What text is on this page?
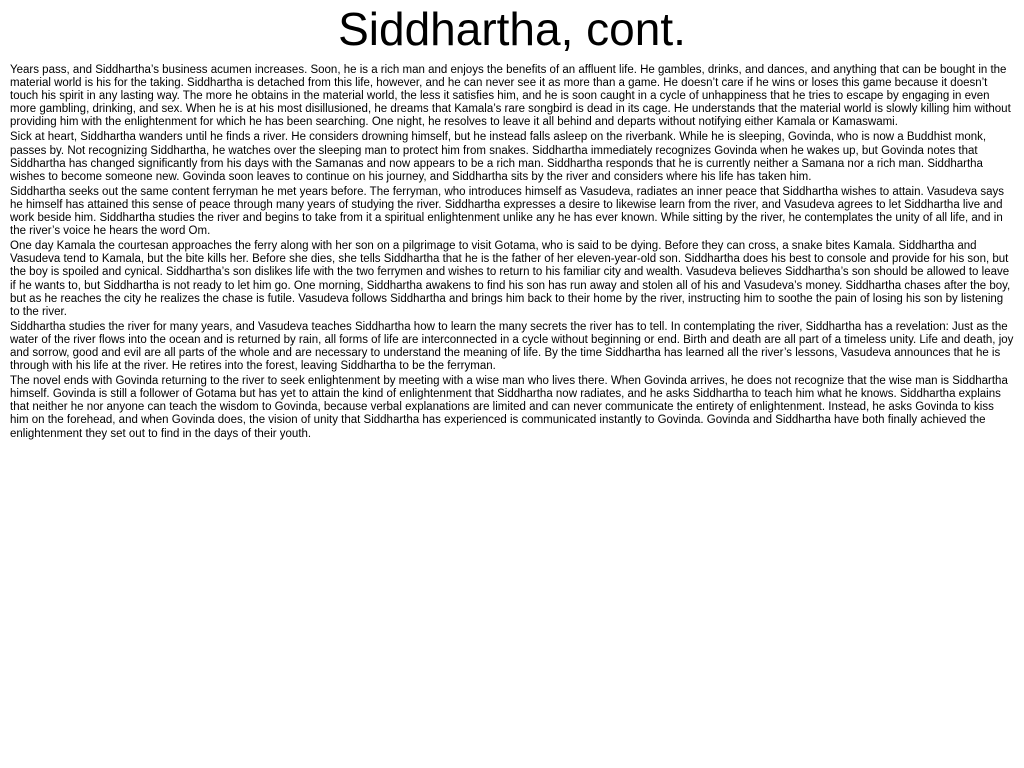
Siddhartha, cont.

Years pass, and Siddhartha’s business acumen increases. Soon, he is a rich man and enjoys the benefits of an affluent life. He gambles, drinks, and dances, and anything that can be bought in the material world is his for the taking. Siddhartha is detached from this life, however, and he can never see it as more than a game. He doesn’t care if he wins or loses this game because it doesn’t touch his spirit in any lasting way. The more he obtains in the material world, the less it satisfies him, and he is soon caught in a cycle of unhappiness that he tries to escape by engaging in even more gambling, drinking, and sex. When he is at his most disillusioned, he dreams that Kamala’s rare songbird is dead in its cage. He understands that the material world is slowly killing him without providing him with the enlightenment for which he has been searching. One night, he resolves to leave it all behind and departs without notifying either Kamala or Kamaswami.

Sick at heart, Siddhartha wanders until he finds a river. He considers drowning himself, but he instead falls asleep on the riverbank. While he is sleeping, Govinda, who is now a Buddhist monk, passes by. Not recognizing Siddhartha, he watches over the sleeping man to protect him from snakes. Siddhartha immediately recognizes Govinda when he wakes up, but Govinda notes that Siddhartha has changed significantly from his days with the Samanas and now appears to be a rich man. Siddhartha responds that he is currently neither a Samana nor a rich man. Siddhartha wishes to become someone new. Govinda soon leaves to continue on his journey, and Siddhartha sits by the river and considers where his life has taken him.

Siddhartha seeks out the same content ferryman he met years before. The ferryman, who introduces himself as Vasudeva, radiates an inner peace that Siddhartha wishes to attain. Vasudeva says he himself has attained this sense of peace through many years of studying the river. Siddhartha expresses a desire to likewise learn from the river, and Vasudeva agrees to let Siddhartha live and work beside him. Siddhartha studies the river and begins to take from it a spiritual enlightenment unlike any he has ever known. While sitting by the river, he contemplates the unity of all life, and in the river’s voice he hears the word Om.

One day Kamala the courtesan approaches the ferry along with her son on a pilgrimage to visit Gotama, who is said to be dying. Before they can cross, a snake bites Kamala. Siddhartha and Vasudeva tend to Kamala, but the bite kills her. Before she dies, she tells Siddhartha that he is the father of her eleven-year-old son. Siddhartha does his best to console and provide for his son, but the boy is spoiled and cynical. Siddhartha’s son dislikes life with the two ferrymen and wishes to return to his familiar city and wealth. Vasudeva believes Siddhartha’s son should be allowed to leave if he wants to, but Siddhartha is not ready to let him go. One morning, Siddhartha awakens to find his son has run away and stolen all of his and Vasudeva’s money. Siddhartha chases after the boy, but as he reaches the city he realizes the chase is futile. Vasudeva follows Siddhartha and brings him back to their home by the river, instructing him to soothe the pain of losing his son by listening to the river.

Siddhartha studies the river for many years, and Vasudeva teaches Siddhartha how to learn the many secrets the river has to tell. In contemplating the river, Siddhartha has a revelation: Just as the water of the river flows into the ocean and is returned by rain, all forms of life are interconnected in a cycle without beginning or end. Birth and death are all part of a timeless unity. Life and death, joy and sorrow, good and evil are all parts of the whole and are necessary to understand the meaning of life. By the time Siddhartha has learned all the river’s lessons, Vasudeva announces that he is through with his life at the river. He retires into the forest, leaving Siddhartha to be the ferryman.

The novel ends with Govinda returning to the river to seek enlightenment by meeting with a wise man who lives there. When Govinda arrives, he does not recognize that the wise man is Siddhartha himself. Govinda is still a follower of Gotama but has yet to attain the kind of enlightenment that Siddhartha now radiates, and he asks Siddhartha to teach him what he knows. Siddhartha explains that neither he nor anyone can teach the wisdom to Govinda, because verbal explanations are limited and can never communicate the entirety of enlightenment. Instead, he asks Govinda to kiss him on the forehead, and when Govinda does, the vision of unity that Siddhartha has experienced is communicated instantly to Govinda. Govinda and Siddhartha have both finally achieved the enlightenment they set out to find in the days of their youth.
